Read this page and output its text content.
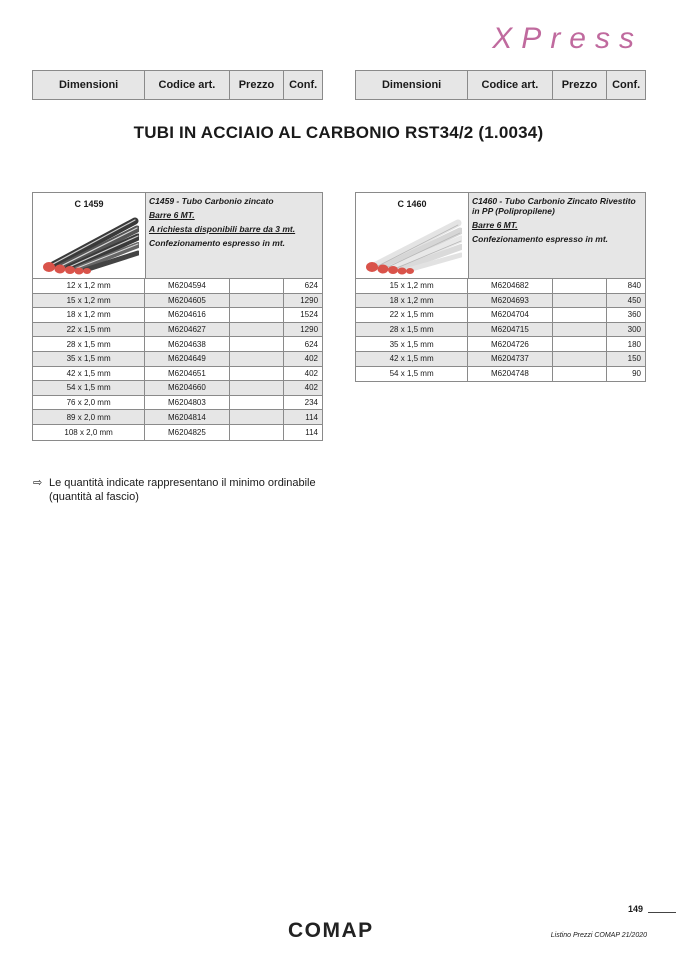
XPress
Dimensioni	Codice art.	Prezzo	Conf.	Dimensioni	Codice art.	Prezzo	Conf.
TUBI IN ACCIAIO AL CARBONIO RST34/2 (1.0034)
C 1459	C1459 - Tubo Carbonio zincato

Barre 6 MT.

A richiesta disponibili barre da 3 mt.

Confezionamento espresso in mt.

12 x 1,2 mm	M6204594	624
15 x 1,2 mm	M6204605	1290
18 x 1,2 mm	M6204616	1524
22 x 1,5 mm	M6204627	1290
28 x 1,5 mm	M6204638	624
35 x 1,5 mm	M6204649	402
42 x 1,5 mm	M6204651	402
54 x 1,5 mm	M6204660	402
76 x 2,0 mm	M6204803	234
89 x 2,0 mm	M6204814	114
108 x 2,0 mm	M6204825	114
C 1460	C1460 - Tubo Carbonio Zincato Rivestito in PP (Polipropilene)

Barre 6 MT.

Confezionamento espresso in mt.

15 x 1,2 mm	M6204682	840
18 x 1,2 mm	M6204693	450
22 x 1,5 mm	M6204704	360
28 x 1,5 mm	M6204715	300
35 x 1,5 mm	M6204726	180
42 x 1,5 mm	M6204737	150
54 x 1,5 mm	M6204748	90
⇨ Le quantità indicate rappresentano il minimo ordinabile
(quantità al fascio)
149
COMAP	Listino Prezzi COMAP 21/2020
